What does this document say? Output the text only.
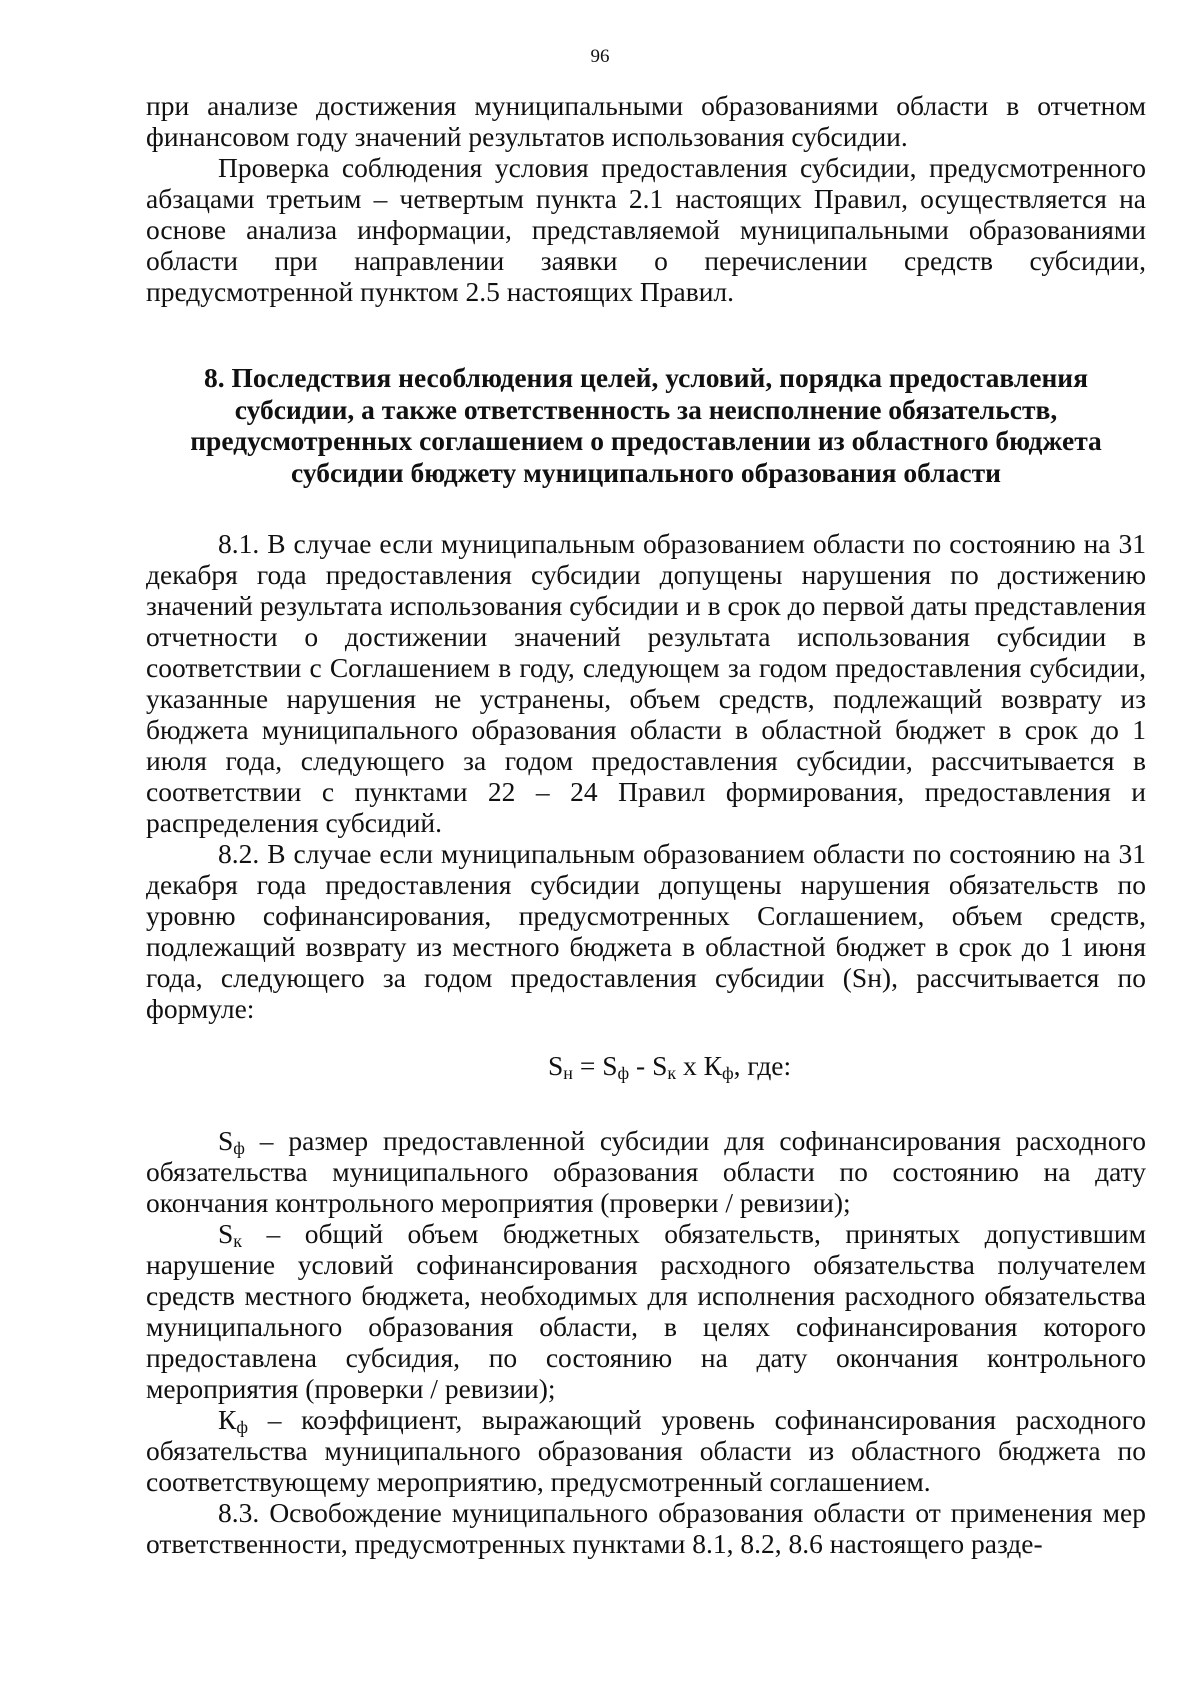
96

при анализе достижения муниципальными образованиями области в отчетном финансовом году значений результатов использования субсидии.

Проверка соблюдения условия предоставления субсидии, предусмотренного абзацами третьим – четвертым пункта 2.1 настоящих Правил, осуществляется на основе анализа информации, представляемой муниципальными образованиями области при направлении заявки о перечислении средств субсидии, предусмотренной пунктом 2.5 настоящих Правил.

8. Последствия несоблюдения целей, условий, порядка предоставления
субсидии, а также ответственность за неисполнение обязательств,
предусмотренных соглашением о предоставлении из областного бюджета
субсидии бюджету муниципального образования области

8.1. В случае если муниципальным образованием области по состоянию на 31 декабря года предоставления субсидии допущены нарушения по достижению значений результата использования субсидии и в срок до первой даты представления отчетности о достижении значений результата использования субсидии в соответствии с Соглашением в году, следующем за годом предоставления субсидии, указанные нарушения не устранены, объем средств, подлежащий возврату из бюджета муниципального образования области в областной бюджет в срок до 1 июля года, следующего за годом предоставления субсидии, рассчитывается в соответствии с пунктами 22 – 24 Правил формирования, предоставления и распределения субсидий.

8.2. В случае если муниципальным образованием области по состоянию на 31 декабря года предоставления субсидии допущены нарушения обязательств по уровню софинансирования, предусмотренных Соглашением, объем средств, подлежащий возврату из местного бюджета в областной бюджет в срок до 1 июня года, следующего за годом предоставления субсидии (Sн), рассчитывается по формуле:

$S_н = S_ф - S_к$ х $К_ф$, где:

$S_ф$ – размер предоставленной субсидии для софинансирования расходного обязательства муниципального образования области по состоянию на дату окончания контрольного мероприятия (проверки / ревизии);

$S_к$ – общий объем бюджетных обязательств, принятых допустившим нарушение условий софинансирования расходного обязательства получателем средств местного бюджета, необходимых для исполнения расходного обязательства муниципального образования области, в целях софинансирования которого предоставлена субсидия, по состоянию на дату окончания контрольного мероприятия (проверки / ревизии);

$К_ф$ – коэффициент, выражающий уровень софинансирования расходного обязательства муниципального образования области из областного бюджета по соответствующему мероприятию, предусмотренный соглашением.

8.3. Освобождение муниципального образования области от применения мер ответственности, предусмотренных пунктами 8.1, 8.2, 8.6 настоящего разде-
